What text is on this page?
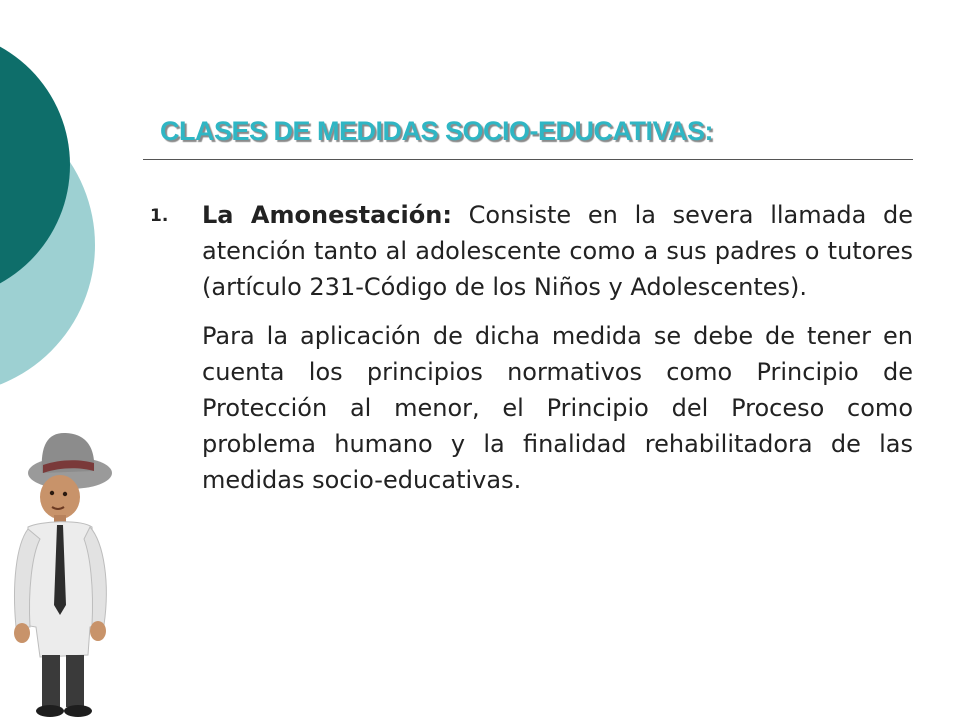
CLASES DE MEDIDAS SOCIO-EDUCATIVAS:
1.	La Amonestación: Consiste en la severa llamada de atención tanto al adolescente como a sus padres o tutores (artículo 231-Código de los Niños y Adolescentes).

Para la aplicación de dicha medida se debe de tener en cuenta los principios normativos como Principio de Protección al menor, el Principio del Proceso como problema humano y la finalidad rehabilitadora de las medidas socio-educativas.
